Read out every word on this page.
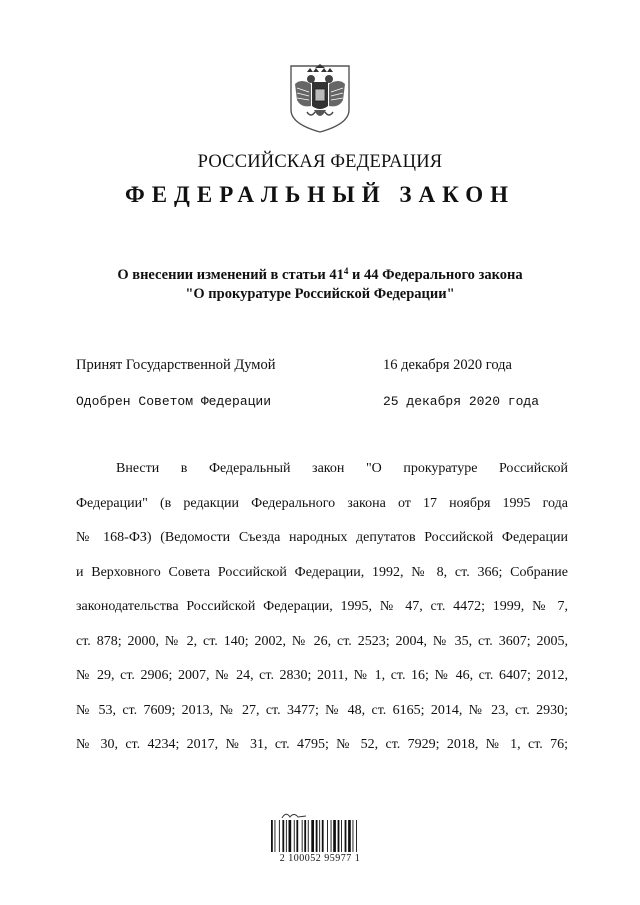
РОССИЙСКАЯ ФЕДЕРАЦИЯ
ФЕДЕРАЛЬНЫЙ ЗАКОН
О внесении изменений в статьи $41^4$ и 44 Федерального закона
"О прокуратуре Российской Федерации"
Принят Государственной Думой	16 декабря 2020 года
Одобрен Советом Федерации	25 декабря 2020 года
Внести в Федеральный закон "О прокуратуре Российской
Федерации" (в редакции Федерального закона от 17 ноября 1995 года
№ 168-ФЗ) (Ведомости Съезда народных депутатов Российской Федерации
и Верховного Совета Российской Федерации, 1992, № 8, ст. 366; Собрание
законодательства Российской Федерации, 1995, № 47, ст. 4472; 1999, № 7,
ст. 878; 2000, № 2, ст. 140; 2002, № 26, ст. 2523; 2004, № 35, ст. 3607; 2005,
№ 29, ст. 2906; 2007, № 24, ст. 2830; 2011, № 1, ст. 16; № 46, ст. 6407; 2012,
№ 53, ст. 7609; 2013, № 27, ст. 3477; № 48, ст. 6165; 2014, № 23, ст. 2930;
№ 30, ст. 4234; 2017, № 31, ст. 4795; № 52, ст. 7929; 2018, № 1, ст. 76;
2 100052 95977 1
